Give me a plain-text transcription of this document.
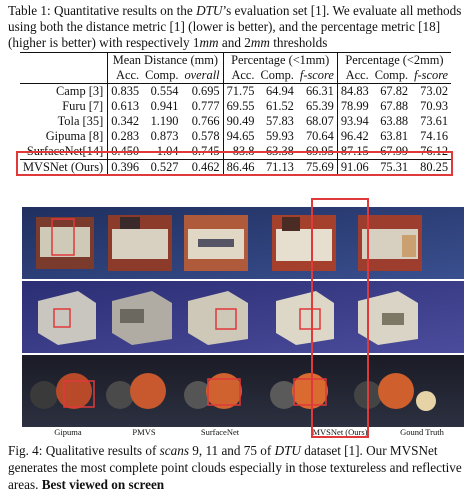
Table 1: Quantitative results on the DTU’s evaluation set [1]. We evaluate all methods using both the distance metric [1] (lower is better), and the percentage metric [18] (higher is better) with respectively 1mm and 2mm thresholds
	Mean Distance (mm)			Percentage (<1mm)			Percentage (<2mm)		
	Acc.	Comp.	overall	Acc.	Comp.	f-score	Acc.	Comp.	f-score
Camp [3]	0.835	0.554	0.695	71.75	64.94	66.31	84.83	67.82	73.02
Furu [7]	0.613	0.941	0.777	69.55	61.52	65.39	78.99	67.88	70.93
Tola [35]	0.342	1.190	0.766	90.49	57.83	68.07	93.94	63.88	73.61
Gipuma [8]	0.283	0.873	0.578	94.65	59.93	70.64	96.42	63.81	74.16
SurfaceNet[14]	0.450	1.04	0.745	83.8	63.38	69.95	87.15	67.99	76.12
MVSNet (Ours)	0.396	0.527	0.462	86.46	71.13	75.69	91.06	75.31	80.25
Scan 9
Scan 11
Scan 75
Gipuma	PMVS	SurfaceNet	MVSNet (Ours)	Gound Truth
Fig. 4: Qualitative results of scans 9, 11 and 75 of DTU dataset [1]. Our MVSNet generates the most complete point clouds especially in those textureless and reflective areas. Best viewed on screen
